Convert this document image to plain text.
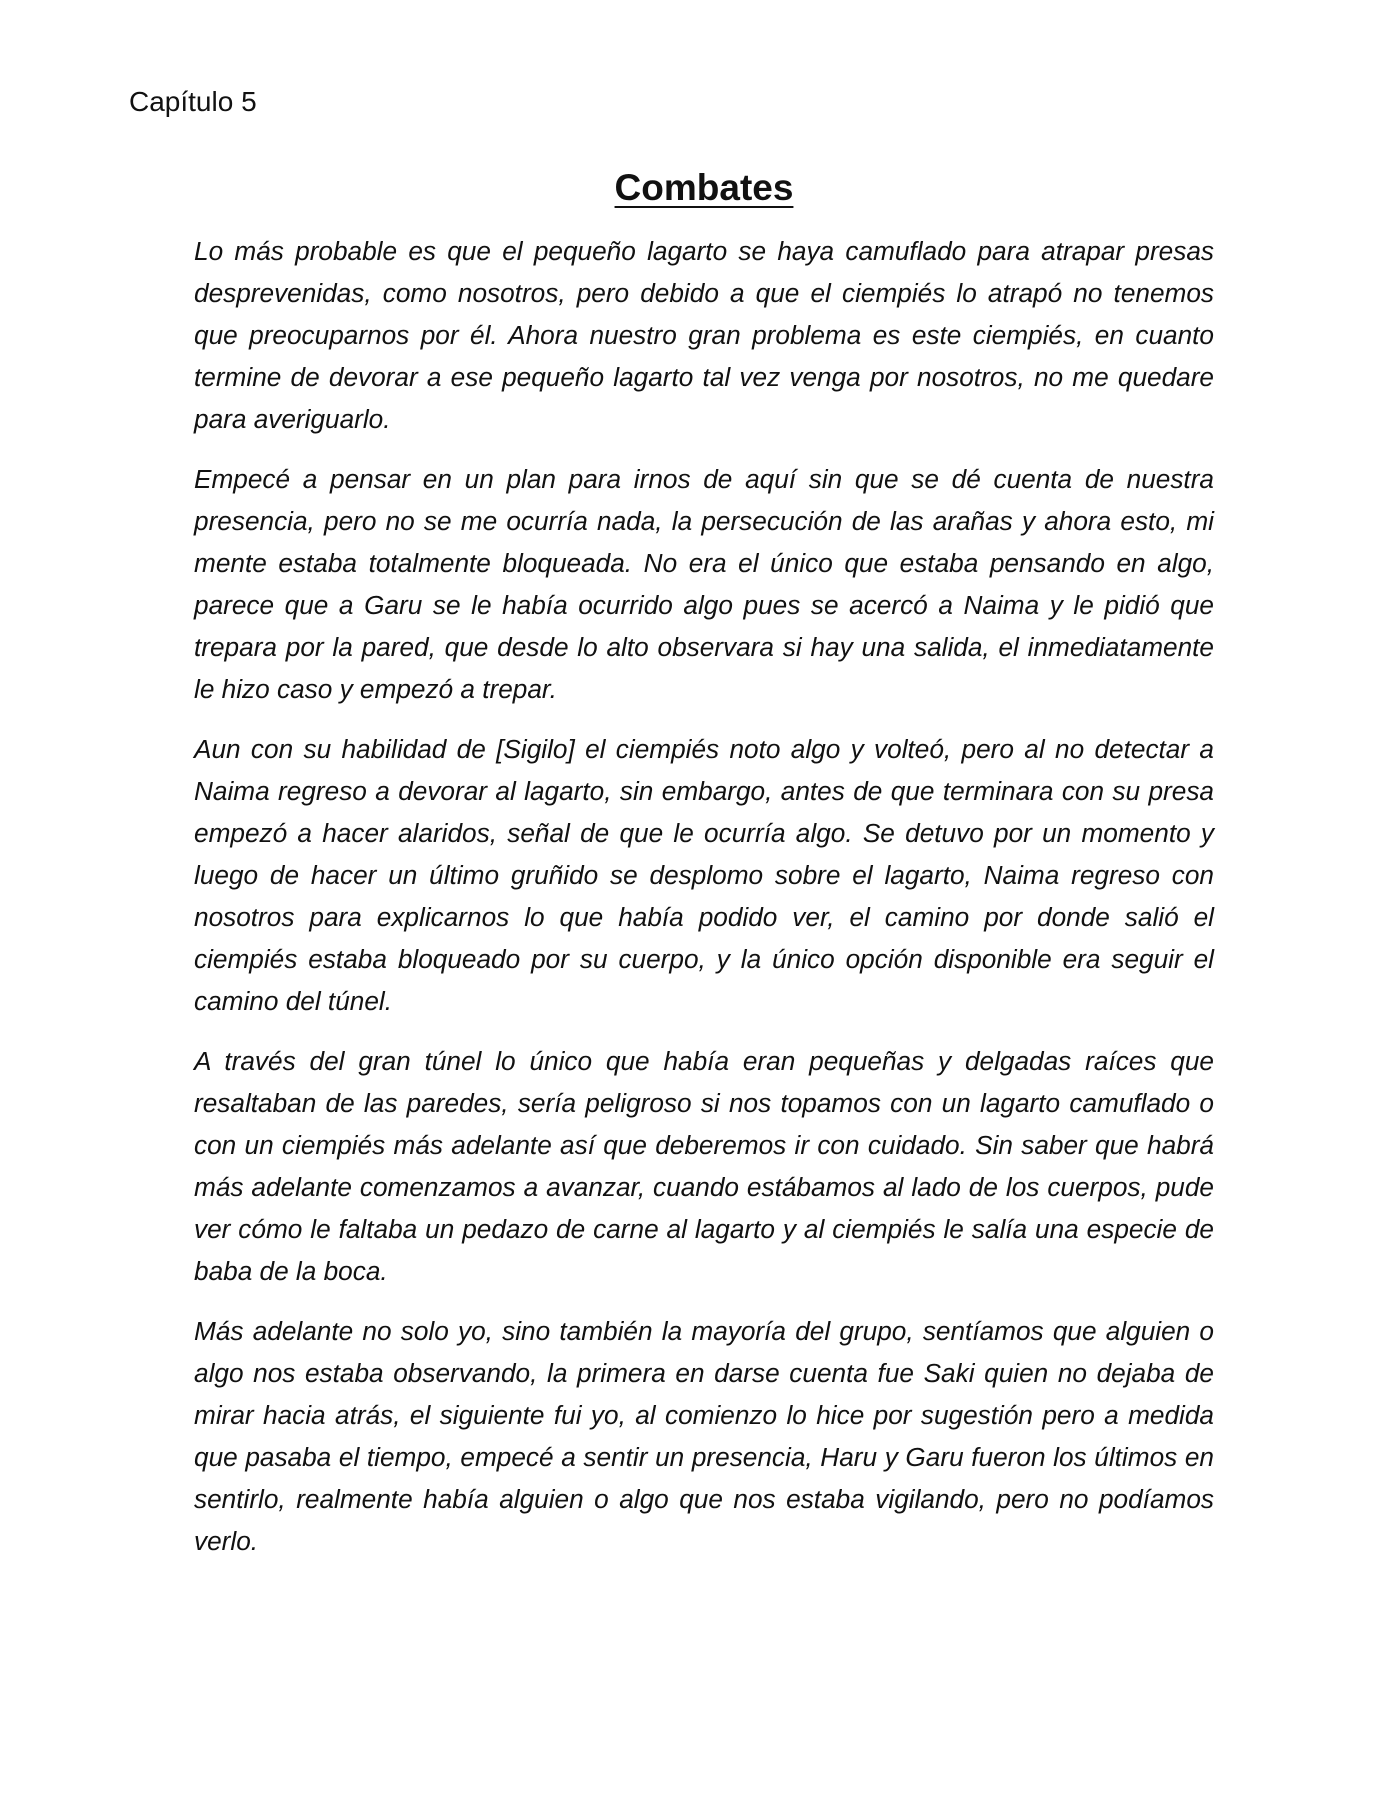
Capítulo 5

Combates

Lo más probable es que el pequeño lagarto se haya camuflado para atrapar presas desprevenidas, como nosotros, pero debido a que el ciempiés lo atrapó no tenemos que preocuparnos por él. Ahora nuestro gran problema es este ciempiés, en cuanto termine de devorar a ese pequeño lagarto tal vez venga por nosotros, no me quedare para averiguarlo.

Empecé a pensar en un plan para irnos de aquí sin que se dé cuenta de nuestra presencia, pero no se me ocurría nada, la persecución de las arañas y ahora esto, mi mente estaba totalmente bloqueada. No era el único que estaba pensando en algo, parece que a Garu se le había ocurrido algo pues se acercó a Naima y le pidió que trepara por la pared, que desde lo alto observara si hay una salida, el inmediatamente le hizo caso y empezó a trepar.

Aun con su habilidad de [Sigilo] el ciempiés noto algo y volteó, pero al no detectar a Naima regreso a devorar al lagarto, sin embargo, antes de que terminara con su presa empezó a hacer alaridos, señal de que le ocurría algo. Se detuvo por un momento y luego de hacer un último gruñido se desplomo sobre el lagarto, Naima regreso con nosotros para explicarnos lo que había podido ver, el camino por donde salió el ciempiés estaba bloqueado por su cuerpo, y la único opción disponible era seguir el camino del túnel.

A través del gran túnel lo único que había eran pequeñas y delgadas raíces que resaltaban de las paredes, sería peligroso si nos topamos con un lagarto camuflado o con un ciempiés más adelante así que deberemos ir con cuidado. Sin saber que habrá más adelante comenzamos a avanzar, cuando estábamos al lado de los cuerpos, pude ver cómo le faltaba un pedazo de carne al lagarto y al ciempiés le salía una especie de baba de la boca.

Más adelante no solo yo, sino también la mayoría del grupo, sentíamos que alguien o algo nos estaba observando, la primera en darse cuenta fue Saki quien no dejaba de mirar hacia atrás, el siguiente fui yo, al comienzo lo hice por sugestión pero a medida que pasaba el tiempo, empecé a sentir un presencia, Haru y Garu fueron los últimos en sentirlo, realmente había alguien o algo que nos estaba vigilando, pero no podíamos verlo.
